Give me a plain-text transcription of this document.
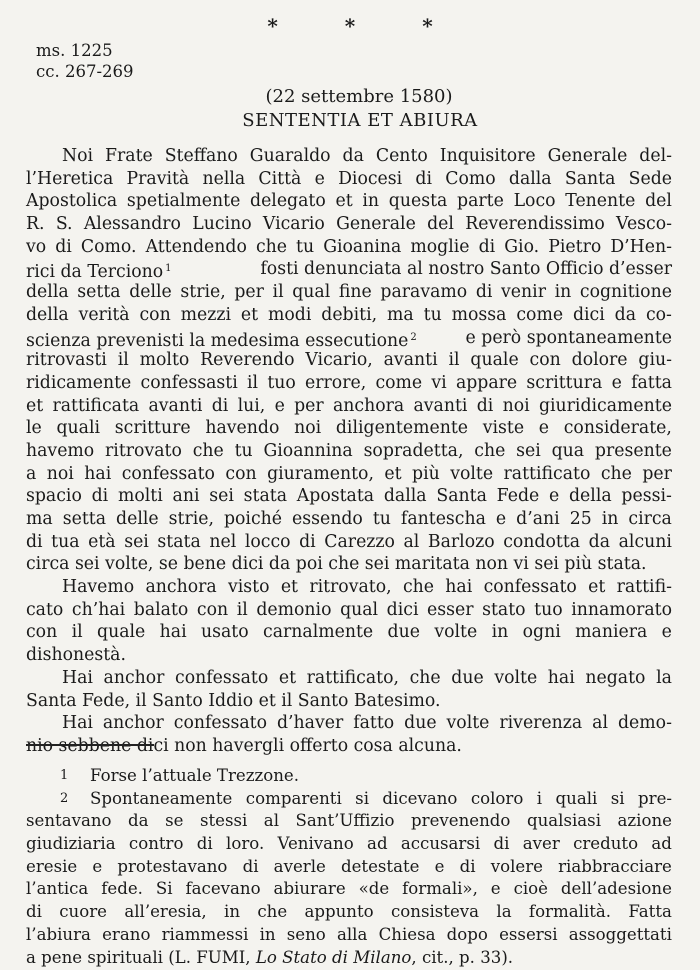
* * *
ms. 1225
cc. 267-269
(22 settembre 1580)
SENTENTIA ET ABIURA
Noi Frate Steffano Guaraldo da Cento Inquisitore Generale del-
l’Heretica Pravità nella Città e Diocesi di Como dalla Santa Sede
Apostolica spetialmente delegato et in questa parte Loco Tenente del
R. S. Alessandro Lucino Vicario Generale del Reverendissimo Vesco-
vo di Como. Attendendo che tu Gioanina moglie di Gio. Pietro D’Hen-
rici da Terciono $^1$	fosti denunciata al nostro Santo Officio d’esser
della setta delle strie, per il qual fine paravamo di venir in cognitione
della verità con mezzi et modi debiti, ma tu mossa come dici da co-
scienza prevenisti la medesima essecutione $^2$	e però spontaneamente
ritrovasti il molto Reverendo Vicario, avanti il quale con dolore giu-
ridicamente confessasti il tuo errore, come vi appare scrittura e fatta
et rattificata avanti di lui, e per anchora avanti di noi giuridicamente
le quali scritture havendo noi diligentemente viste e considerate,
havemo ritrovato che tu Gioannina sopradetta, che sei qua presente
a noi hai confessato con giuramento, et più volte rattificato che per
spacio di molti ani sei stata Apostata dalla Santa Fede e della pessi-
ma setta delle strie, poiché essendo tu fantescha e d’ani 25 in circa
di tua età sei stata nel locco di Carezzo al Barlozo condotta da alcuni
circa sei volte, se bene dici da poi che sei maritata non vi sei più stata.
Havemo anchora visto et ritrovato, che hai confessato et rattifi-
cato ch’hai balato con il demonio qual dici esser stato tuo innamorato
con il quale hai usato carnalmente due volte in ogni maniera e
dishonestà.
Hai anchor confessato et rattificato, che due volte hai negato la
Santa Fede, il Santo Iddio et il Santo Batesimo.
Hai anchor confessato d’haver fatto due volte riverenza al demo-
nio sebbene dici non havergli offerto cosa alcuna.
1	Forse l’attuale Trezzone.
2	Spontaneamente comparenti si dicevano coloro i quali si pre-
sentavano da se stessi al Sant’Uffizio prevenendo qualsiasi azione
giudiziaria contro di loro. Venivano ad accusarsi di aver creduto ad
eresie e protestavano di averle detestate e di volere riabbracciare
l’antica fede. Si facevano abiurare «de formali», e cioè dell’adesione
di cuore all’eresia, in che appunto consisteva la formalità. Fatta
l’abiura erano riammessi in seno alla Chiesa dopo essersi assoggettati
a pene spirituali (L. FUMI,
Lo Stato di Milano , cit., p. 33).
